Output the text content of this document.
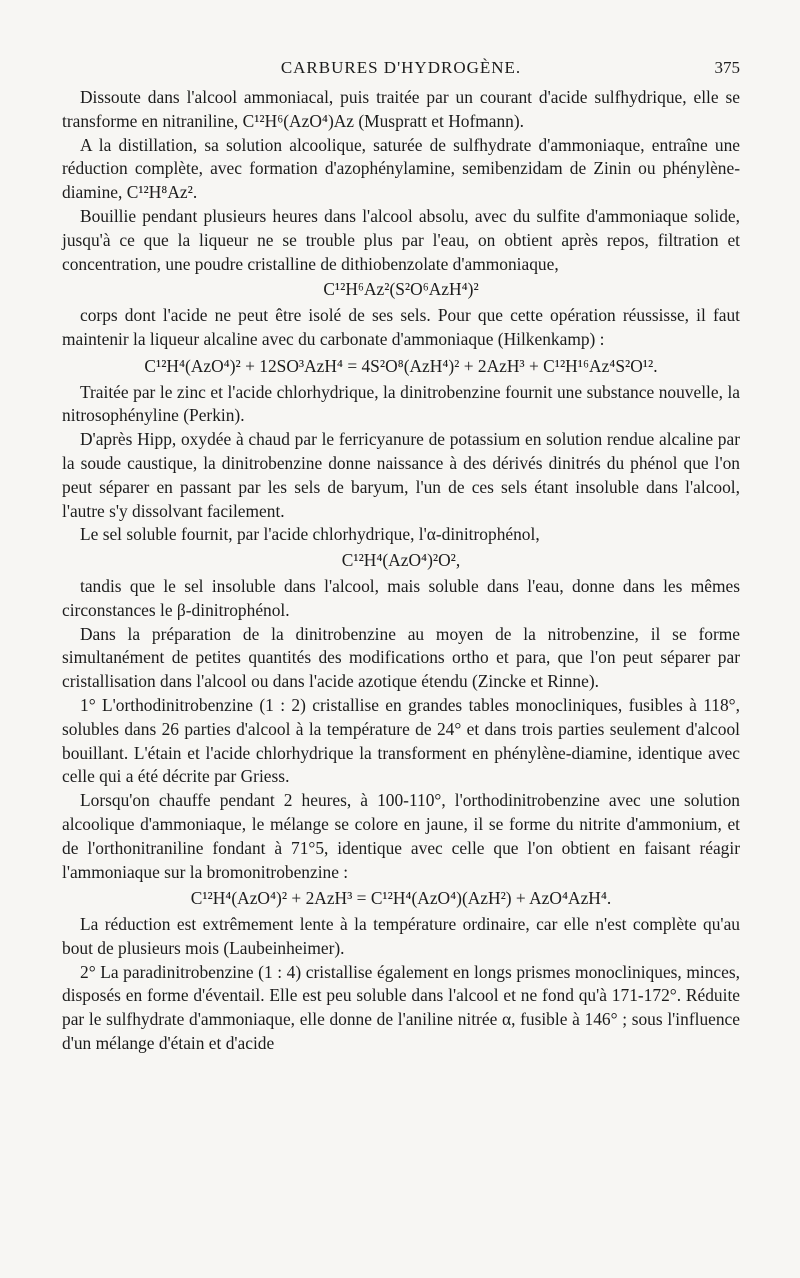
CARBURES D'HYDROGÈNE.	375

Dissoute dans l'alcool ammoniacal, puis traitée par un courant d'acide sulfhydrique, elle se transforme en nitraniline, C¹²H⁶(AzO⁴)Az (Muspratt et Hofmann).

A la distillation, sa solution alcoolique, saturée de sulfhydrate d'ammoniaque, entraîne une réduction complète, avec formation d'azophénylamine, semibenzidam de Zinin ou phénylène-diamine, C¹²H⁸Az².

Bouillie pendant plusieurs heures dans l'alcool absolu, avec du sulfite d'ammoniaque solide, jusqu'à ce que la liqueur ne se trouble plus par l'eau, on obtient après repos, filtration et concentration, une poudre cristalline de dithiobenzolate d'ammoniaque,

C¹²H⁶Az²(S²O⁶AzH⁴)²

corps dont l'acide ne peut être isolé de ses sels. Pour que cette opération réussisse, il faut maintenir la liqueur alcaline avec du carbonate d'ammoniaque (Hilkenkamp) :

C¹²H⁴(AzO⁴)² + 12SO³AzH⁴ = 4S²O⁸(AzH⁴)² + 2AzH³ + C¹²H¹⁶Az⁴S²O¹².

Traitée par le zinc et l'acide chlorhydrique, la dinitrobenzine fournit une substance nouvelle, la nitrosophényline (Perkin).

D'après Hipp, oxydée à chaud par le ferricyanure de potassium en solution rendue alcaline par la soude caustique, la dinitrobenzine donne naissance à des dérivés dinitrés du phénol que l'on peut séparer en passant par les sels de baryum, l'un de ces sels étant insoluble dans l'alcool, l'autre s'y dissolvant facilement.

Le sel soluble fournit, par l'acide chlorhydrique, l'α-dinitrophénol,

C¹²H⁴(AzO⁴)²O²,

tandis que le sel insoluble dans l'alcool, mais soluble dans l'eau, donne dans les mêmes circonstances le β-dinitrophénol.

Dans la préparation de la dinitrobenzine au moyen de la nitrobenzine, il se forme simultanément de petites quantités des modifications ortho et para, que l'on peut séparer par cristallisation dans l'alcool ou dans l'acide azotique étendu (Zincke et Rinne).

1° L'orthodinitrobenzine (1 : 2) cristallise en grandes tables monocliniques, fusibles à 118°, solubles dans 26 parties d'alcool à la température de 24° et dans trois parties seulement d'alcool bouillant. L'étain et l'acide chlorhydrique la transforment en phénylène-diamine, identique avec celle qui a été décrite par Griess.

Lorsqu'on chauffe pendant 2 heures, à 100-110°, l'orthodinitrobenzine avec une solution alcoolique d'ammoniaque, le mélange se colore en jaune, il se forme du nitrite d'ammonium, et de l'orthonitraniline fondant à 71°5, identique avec celle que l'on obtient en faisant réagir l'ammoniaque sur la bromonitrobenzine :

C¹²H⁴(AzO⁴)² + 2AzH³ = C¹²H⁴(AzO⁴)(AzH²) + AzO⁴AzH⁴.

La réduction est extrêmement lente à la température ordinaire, car elle n'est complète qu'au bout de plusieurs mois (Laubeinheimer).

2° La paradinitrobenzine (1 : 4) cristallise également en longs prismes monocliniques, minces, disposés en forme d'éventail. Elle est peu soluble dans l'alcool et ne fond qu'à 171-172°. Réduite par le sulfhydrate d'ammoniaque, elle donne de l'aniline nitrée α, fusible à 146° ; sous l'influence d'un mélange d'étain et d'acide
